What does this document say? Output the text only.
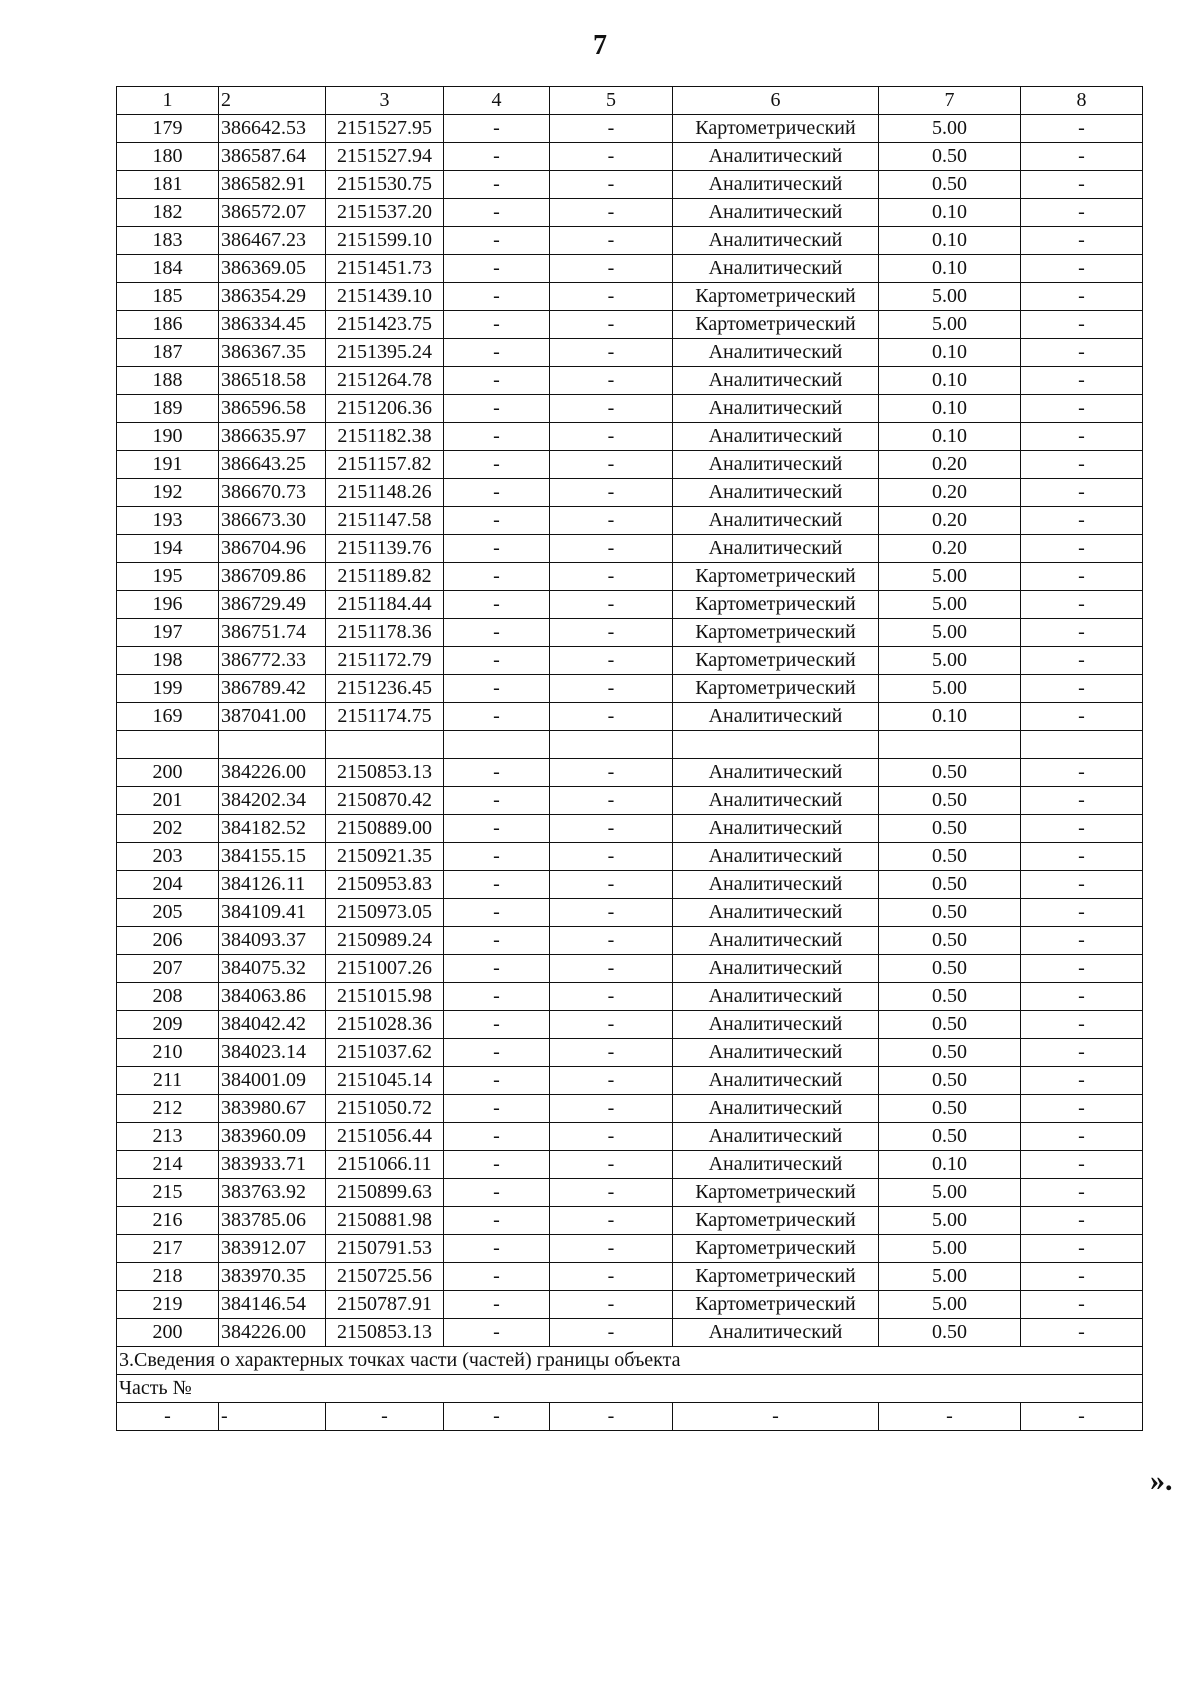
7
1	2	3	4	5	6	7	8
179	386642.53	2151527.95	-	-	Картометрический	5.00	-
180	386587.64	2151527.94	-	-	Аналитический	0.50	-
181	386582.91	2151530.75	-	-	Аналитический	0.50	-
182	386572.07	2151537.20	-	-	Аналитический	0.10	-
183	386467.23	2151599.10	-	-	Аналитический	0.10	-
184	386369.05	2151451.73	-	-	Аналитический	0.10	-
185	386354.29	2151439.10	-	-	Картометрический	5.00	-
186	386334.45	2151423.75	-	-	Картометрический	5.00	-
187	386367.35	2151395.24	-	-	Аналитический	0.10	-
188	386518.58	2151264.78	-	-	Аналитический	0.10	-
189	386596.58	2151206.36	-	-	Аналитический	0.10	-
190	386635.97	2151182.38	-	-	Аналитический	0.10	-
191	386643.25	2151157.82	-	-	Аналитический	0.20	-
192	386670.73	2151148.26	-	-	Аналитический	0.20	-
193	386673.30	2151147.58	-	-	Аналитический	0.20	-
194	386704.96	2151139.76	-	-	Аналитический	0.20	-
195	386709.86	2151189.82	-	-	Картометрический	5.00	-
196	386729.49	2151184.44	-	-	Картометрический	5.00	-
197	386751.74	2151178.36	-	-	Картометрический	5.00	-
198	386772.33	2151172.79	-	-	Картометрический	5.00	-
199	386789.42	2151236.45	-	-	Картометрический	5.00	-
169	387041.00	2151174.75	-	-	Аналитический	0.10	-

200	384226.00	2150853.13	-	-	Аналитический	0.50	-
201	384202.34	2150870.42	-	-	Аналитический	0.50	-
202	384182.52	2150889.00	-	-	Аналитический	0.50	-
203	384155.15	2150921.35	-	-	Аналитический	0.50	-
204	384126.11	2150953.83	-	-	Аналитический	0.50	-
205	384109.41	2150973.05	-	-	Аналитический	0.50	-
206	384093.37	2150989.24	-	-	Аналитический	0.50	-
207	384075.32	2151007.26	-	-	Аналитический	0.50	-
208	384063.86	2151015.98	-	-	Аналитический	0.50	-
209	384042.42	2151028.36	-	-	Аналитический	0.50	-
210	384023.14	2151037.62	-	-	Аналитический	0.50	-
211	384001.09	2151045.14	-	-	Аналитический	0.50	-
212	383980.67	2151050.72	-	-	Аналитический	0.50	-
213	383960.09	2151056.44	-	-	Аналитический	0.50	-
214	383933.71	2151066.11	-	-	Аналитический	0.10	-
215	383763.92	2150899.63	-	-	Картометрический	5.00	-
216	383785.06	2150881.98	-	-	Картометрический	5.00	-
217	383912.07	2150791.53	-	-	Картометрический	5.00	-
218	383970.35	2150725.56	-	-	Картометрический	5.00	-
219	384146.54	2150787.91	-	-	Картометрический	5.00	-
200	384226.00	2150853.13	-	-	Аналитический	0.50	-
3.Сведения о характерных точках части (частей) границы объекта							
Часть №							
-	-	-	-	-	-	-	-
».
